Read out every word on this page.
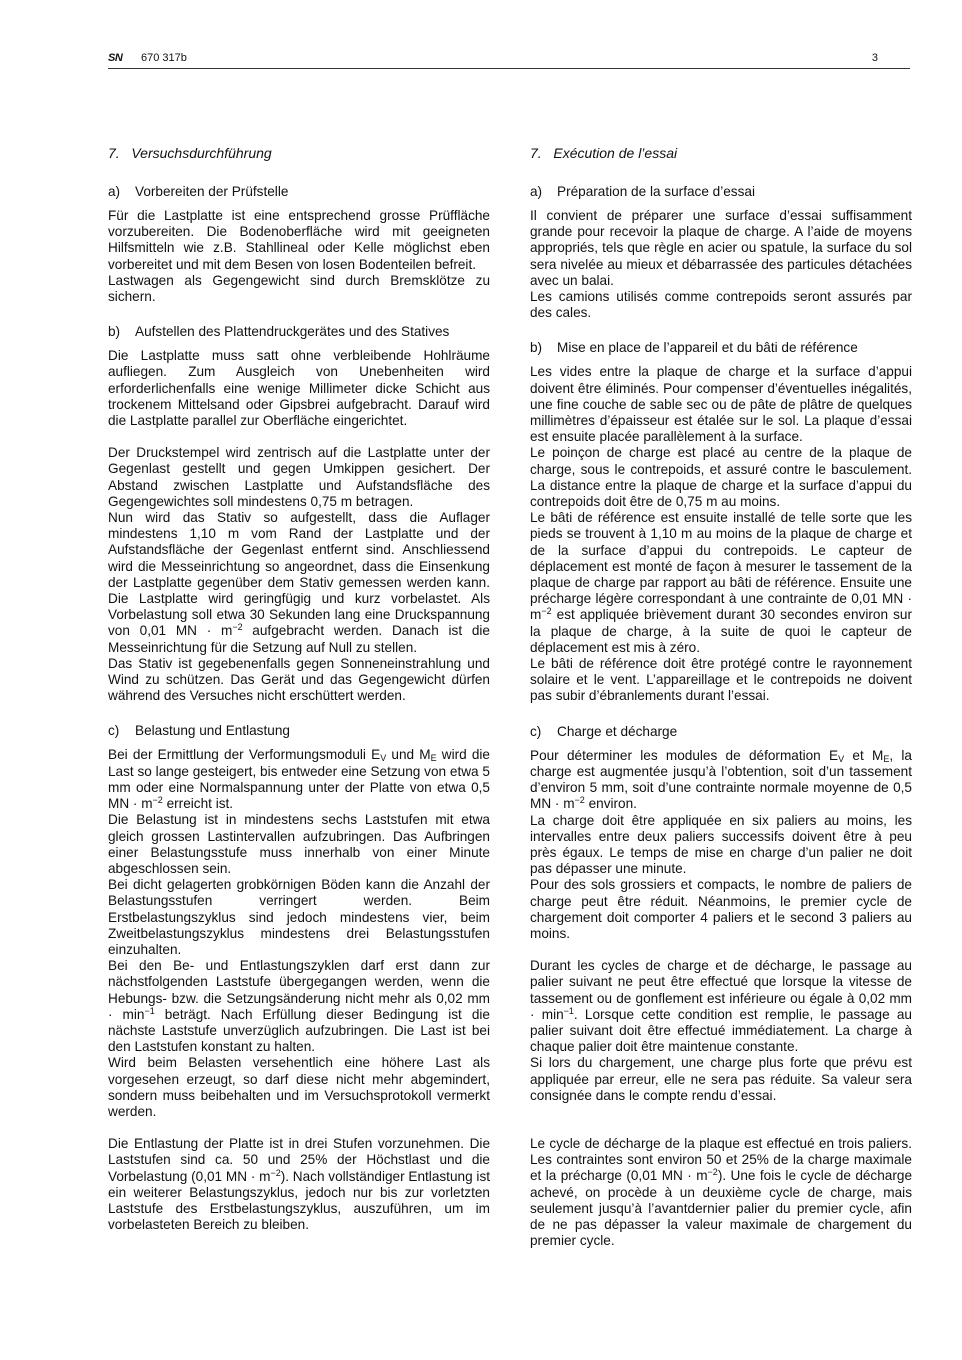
SN 670 317b	3
7. Versuchsdurchführung
a) Vorbereiten der Prüfstelle

Für die Lastplatte ist eine entsprechend grosse Prüffläche vorzubereiten. Die Bodenoberfläche wird mit geeigneten Hilfsmitteln wie z.B. Stahllineal oder Kelle möglichst eben vorbereitet und mit dem Besen von losen Bodenteilen befreit.

Lastwagen als Gegengewicht sind durch Bremsklötze zu sichern.

b) Aufstellen des Plattendruckgerätes und des Statives

Die Lastplatte muss satt ohne verbleibende Hohlräume aufliegen. Zum Ausgleich von Unebenheiten wird erforderlichenfalls eine wenige Millimeter dicke Schicht aus trockenem Mittelsand oder Gipsbrei aufgebracht. Darauf wird die Lastplatte parallel zur Oberfläche eingerichtet.

Der Druckstempel wird zentrisch auf die Lastplatte unter der Gegenlast gestellt und gegen Umkippen gesichert. Der Abstand zwischen Lastplatte und Aufstandsfläche des Gegengewichtes soll mindestens 0,75 m betragen.

Nun wird das Stativ so aufgestellt, dass die Auflager mindestens 1,10 m vom Rand der Lastplatte und der Aufstandsfläche der Gegenlast entfernt sind. Anschliessend wird die Messeinrichtung so angeordnet, dass die Einsenkung der Lastplatte gegenüber dem Stativ gemessen werden kann. Die Lastplatte wird geringfügig und kurz vorbelastet. Als Vorbelastung soll etwa 30 Sekunden lang eine Druckspannung von 0,01 MN · $m^{-2}$ aufgebracht werden. Danach ist die Messeinrichtung für die Setzung auf Null zu stellen.

Das Stativ ist gegebenenfalls gegen Sonneneinstrahlung und Wind zu schützen. Das Gerät und das Gegengewicht dürfen während des Versuches nicht erschüttert werden.

c) Belastung und Entlastung

Bei der Ermittlung der Verformungsmoduli $E_V$ und $M_E$ wird die Last so lange gesteigert, bis entweder eine Setzung von etwa 5 mm oder eine Normalspannung unter der Platte von etwa 0,5 MN · $m^{-2}$ erreicht ist.

Die Belastung ist in mindestens sechs Laststufen mit etwa gleich grossen Lastintervallen aufzubringen. Das Aufbringen einer Belastungsstufe muss innerhalb von einer Minute abgeschlossen sein.

Bei dicht gelagerten grobkörnigen Böden kann die Anzahl der Belastungsstufen verringert werden. Beim Erstbelastungszyklus sind jedoch mindestens vier, beim Zweitbelastungszyklus mindestens drei Belastungsstufen einzuhalten.

Bei den Be- und Entlastungszyklen darf erst dann zur nächstfolgenden Laststufe übergegangen werden, wenn die Hebungs- bzw. die Setzungsänderung nicht mehr als 0,02 mm · $\min^{-1}$ beträgt. Nach Erfüllung dieser Bedingung ist die nächste Laststufe unverzüglich aufzubringen. Die Last ist bei den Laststufen konstant zu halten.

Wird beim Belasten versehentlich eine höhere Last als vorgesehen erzeugt, so darf diese nicht mehr abgemindert, sondern muss beibehalten und im Versuchsprotokoll vermerkt werden.

Die Entlastung der Platte ist in drei Stufen vorzunehmen. Die Laststufen sind ca. 50 und 25% der Höchstlast und die Vorbelastung (0,01 MN · $m^{-2}$). Nach vollständiger Entlastung ist ein weiterer Belastungszyklus, jedoch nur bis zur vorletzten Laststufe des Erstbelastungszyklus, auszuführen, um im vorbelasteten Bereich zu bleiben.

7. Exécution de l’essai
a) Préparation de la surface d’essai

Il convient de préparer une surface d’essai suffisamment grande pour recevoir la plaque de charge. A l’aide de moyens appropriés, tels que règle en acier ou spatule, la surface du sol sera nivelée au mieux et débarrassée des particules détachées avec un balai.

Les camions utilisés comme contrepoids seront assurés par des cales.

b) Mise en place de l’appareil et du bâti de référence

Les vides entre la plaque de charge et la surface d’appui doivent être éliminés. Pour compenser d’éventuelles inégalités, une fine couche de sable sec ou de pâte de plâtre de quelques millimètres d’épaisseur est étalée sur le sol. La plaque d’essai est ensuite placée parallèlement à la surface.

Le poinçon de charge est placé au centre de la plaque de charge, sous le contrepoids, et assuré contre le basculement. La distance entre la plaque de charge et la surface d’appui du contrepoids doit être de 0,75 m au moins.

Le bâti de référence est ensuite installé de telle sorte que les pieds se trouvent à 1,10 m au moins de la plaque de charge et de la surface d’appui du contrepoids. Le capteur de déplacement est monté de façon à mesurer le tassement de la plaque de charge par rapport au bâti de référence. Ensuite une précharge légère correspondant à une contrainte de 0,01 MN · $m^{-2}$ est appliquée brièvement durant 30 secondes environ sur la plaque de charge, à la suite de quoi le capteur de déplacement est mis à zéro.

Le bâti de référence doit être protégé contre le rayonnement solaire et le vent. L’appareillage et le contrepoids ne doivent pas subir d’ébranlements durant l’essai.

c) Charge et décharge

Pour déterminer les modules de déformation $E_V$ et $M_E$, la charge est augmentée jusqu’à l’obtention, soit d’un tassement d’environ 5 mm, soit d’une contrainte normale moyenne de 0,5 MN · $m^{-2}$ environ.

La charge doit être appliquée en six paliers au moins, les intervalles entre deux paliers successifs doivent être à peu près égaux. Le temps de mise en charge d’un palier ne doit pas dépasser une minute.

Pour des sols grossiers et compacts, le nombre de paliers de charge peut être réduit. Néanmoins, le premier cycle de chargement doit comporter 4 paliers et le second 3 paliers au moins.

Durant les cycles de charge et de décharge, le passage au palier suivant ne peut être effectué que lorsque la vitesse de tassement ou de gonflement est inférieure ou égale à 0,02 mm · $\min^{-1}$. Lorsque cette condition est remplie, le passage au palier suivant doit être effectué immédiatement. La charge à chaque palier doit être maintenue constante.

Si lors du chargement, une charge plus forte que prévu est appliquée par erreur, elle ne sera pas réduite. Sa valeur sera consignée dans le compte rendu d’essai.

Le cycle de décharge de la plaque est effectué en trois paliers. Les contraintes sont environ 50 et 25% de la charge maximale et la précharge (0,01 MN · $m^{-2}$). Une fois le cycle de décharge achevé, on procède à un deuxième cycle de charge, mais seulement jusqu’à l’avantdernier palier du premier cycle, afin de ne pas dépasser la valeur maximale de chargement du premier cycle.
